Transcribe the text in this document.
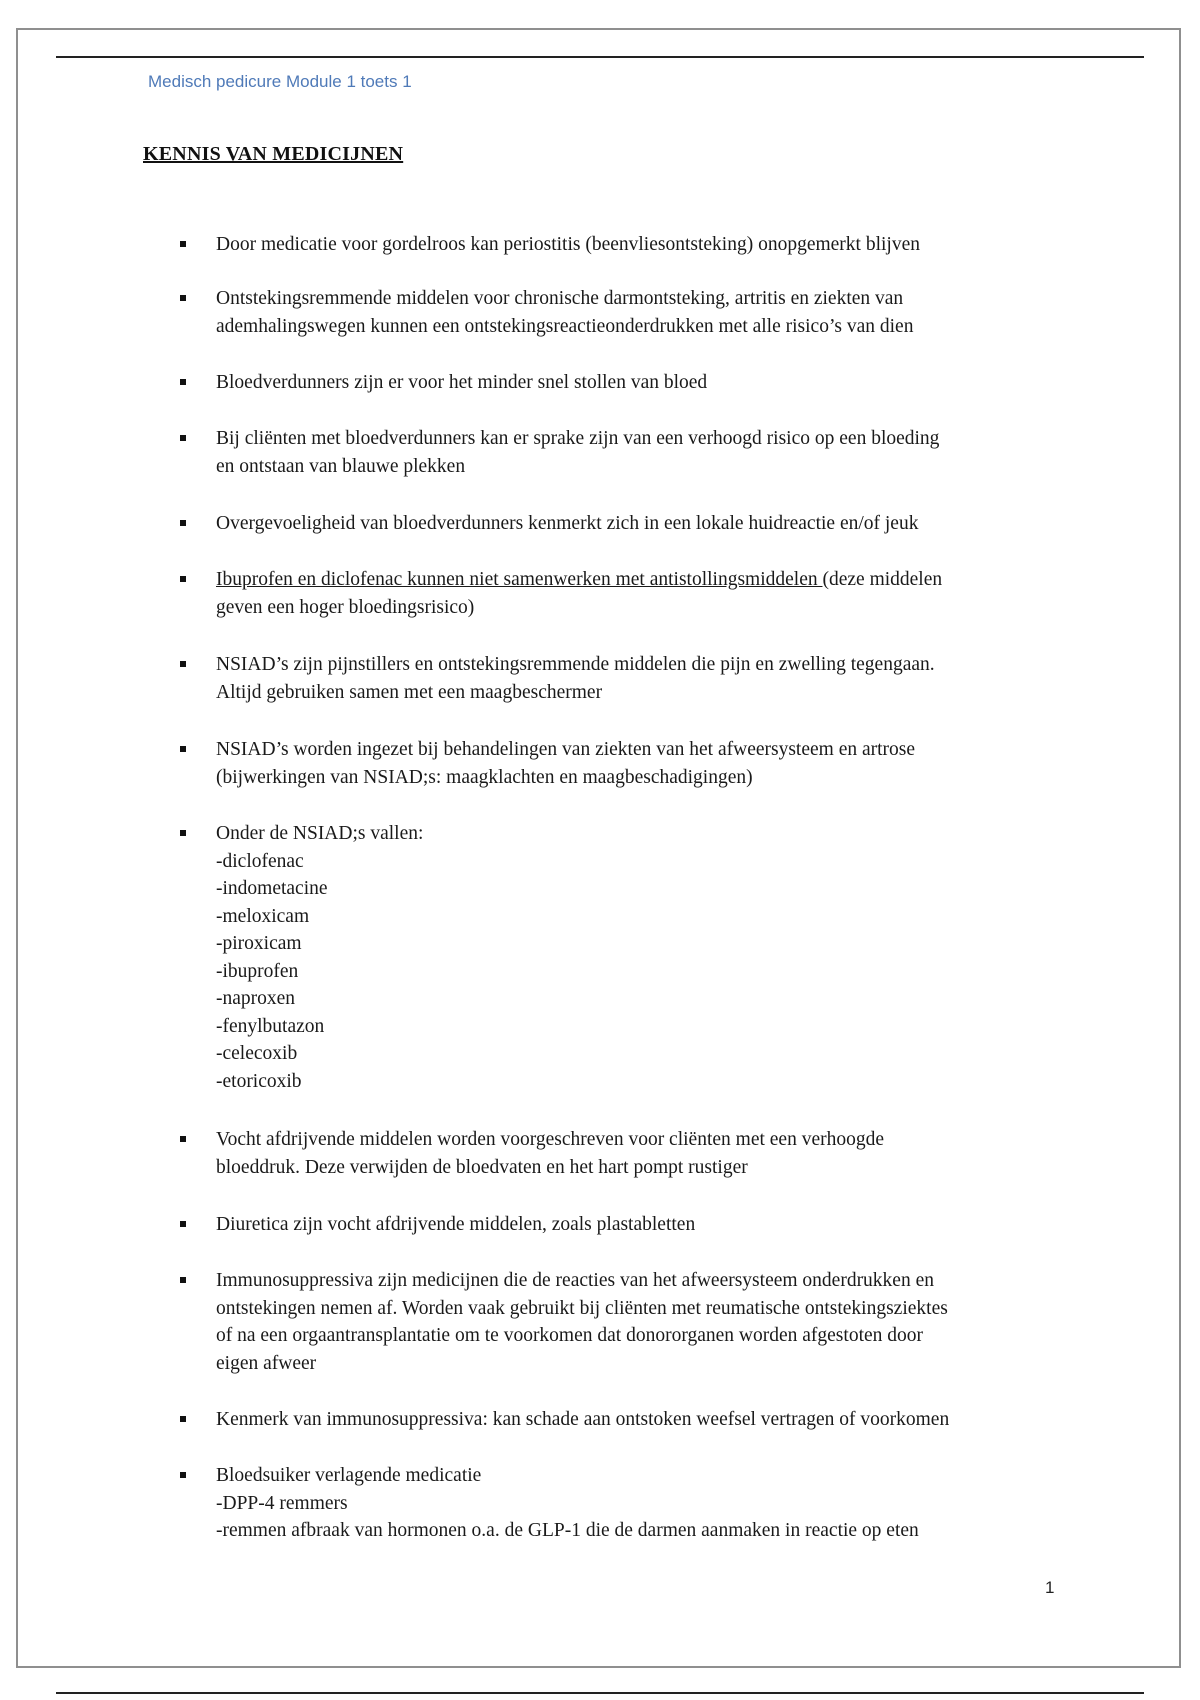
Medisch pedicure Module 1 toets 1
KENNIS VAN MEDICIJNEN
Door medicatie voor gordelroos kan periostitis (beenvliesontsteking) onopgemerkt blijven
Ontstekingsremmende middelen voor chronische darmontsteking, artritis en ziekten van
ademhalingswegen kunnen een ontstekingsreactieonderdrukken met alle risico’s van dien
Bloedverdunners zijn er voor het minder snel stollen van bloed
Bij cliënten met bloedverdunners kan er sprake zijn van een verhoogd risico op een bloeding
en ontstaan van blauwe plekken
Overgevoeligheid van bloedverdunners kenmerkt zich in een lokale huidreactie en/of jeuk
Ibuprofen en diclofenac kunnen niet samenwerken met antistollingsmiddelen (deze middelen
geven een hoger bloedingsrisico)
NSIAD’s zijn pijnstillers en ontstekingsremmende middelen die pijn en zwelling tegengaan.
Altijd gebruiken samen met een maagbeschermer
NSIAD’s worden ingezet bij behandelingen van ziekten van het afweersysteem en artrose
(bijwerkingen van NSIAD;s: maagklachten en maagbeschadigingen)
Onder de NSIAD;s vallen:
-diclofenac
-indometacine
-meloxicam
-piroxicam
-ibuprofen
-naproxen
-fenylbutazon
-celecoxib
-etoricoxib
Vocht afdrijvende middelen worden voorgeschreven voor cliënten met een verhoogde
bloeddruk. Deze verwijden de bloedvaten en het hart pompt rustiger
Diuretica zijn vocht afdrijvende middelen, zoals plastabletten
Immunosuppressiva zijn medicijnen die de reacties van het afweersysteem onderdrukken en
ontstekingen nemen af. Worden vaak gebruikt bij cliënten met reumatische ontstekingsziektes
of na een orgaantransplantatie om te voorkomen dat donororganen worden afgestoten door
eigen afweer
Kenmerk van immunosuppressiva: kan schade aan ontstoken weefsel vertragen of voorkomen
Bloedsuiker verlagende medicatie
-DPP-4 remmers
-remmen afbraak van hormonen o.a. de GLP-1 die de darmen aanmaken in reactie op eten
1
